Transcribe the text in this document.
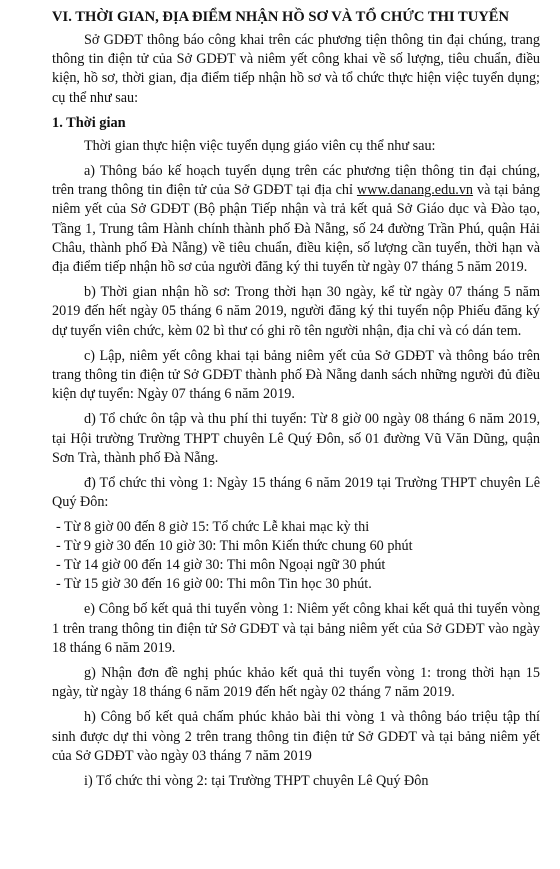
VI. THỜI GIAN, ĐỊA ĐIỂM NHẬN HỒ SƠ VÀ TỔ CHỨC THI TUYỂN

Sở GDĐT thông báo công khai trên các phương tiện thông tin đại chúng, trang thông tin điện tử của Sở GDĐT và niêm yết công khai về số lượng, tiêu chuẩn, điều kiện, hồ sơ, thời gian, địa điểm tiếp nhận hồ sơ và tổ chức thực hiện việc tuyển dụng; cụ thể như sau:

1. Thời gian

Thời gian thực hiện việc tuyển dụng giáo viên cụ thể như sau:

a) Thông báo kế hoạch tuyển dụng trên các phương tiện thông tin đại chúng, trên trang thông tin điện tử của Sở GDĐT tại địa chỉ www.danang.edu.vn và tại bảng niêm yết của Sở GDĐT (Bộ phận Tiếp nhận và trả kết quả Sở Giáo dục và Đào tạo, Tầng 1, Trung tâm Hành chính thành phố Đà Nẵng, số 24 đường Trần Phú, quận Hải Châu, thành phố Đà Nẵng) về tiêu chuẩn, điều kiện, số lượng cần tuyển, thời hạn và địa điểm tiếp nhận hồ sơ của người đăng ký thi tuyển từ ngày 07 tháng 5 năm 2019.

b) Thời gian nhận hồ sơ: Trong thời hạn 30 ngày, kể từ ngày 07 tháng 5 năm 2019 đến hết ngày 05 tháng 6 năm 2019, người đăng ký thi tuyển nộp Phiếu đăng ký dự tuyển viên chức, kèm 02 bì thư có ghi rõ tên người nhận, địa chỉ và có dán tem.

c) Lập, niêm yết công khai tại bảng niêm yết của Sở GDĐT và thông báo trên trang thông tin điện tử Sở GDĐT thành phố Đà Nẵng danh sách những người đủ điều kiện dự tuyển: Ngày 07 tháng 6 năm 2019.

d) Tổ chức ôn tập và thu phí thi tuyển: Từ 8 giờ 00 ngày 08 tháng 6 năm 2019, tại Hội trường Trường THPT chuyên Lê Quý Đôn, số 01 đường Vũ Văn Dũng, quận Sơn Trà, thành phố Đà Nẵng.

đ) Tổ chức thi vòng 1: Ngày 15 tháng 6 năm 2019 tại Trường THPT chuyên Lê Quý Đôn:

- Từ 8 giờ 00 đến 8 giờ 15: Tổ chức Lễ khai mạc kỳ thi
- Từ 9 giờ 30 đến 10 giờ 30: Thi môn Kiến thức chung 60 phút
- Từ 14 giờ 00 đến 14 giờ 30: Thi môn Ngoại ngữ 30 phút
- Từ 15 giờ 30 đến 16 giờ 00: Thi môn Tin học 30 phút.

e) Công bố kết quả thi tuyển vòng 1: Niêm yết công khai kết quả thi tuyển vòng 1 trên trang thông tin điện tử Sở GDĐT và tại bảng niêm yết của Sở GDĐT vào ngày 18 tháng 6 năm 2019.

g) Nhận đơn đề nghị phúc khảo kết quả thi tuyển vòng 1: trong thời hạn 15 ngày, từ ngày 18 tháng 6 năm 2019 đến hết ngày 02 tháng 7 năm 2019.

h) Công bố kết quả chấm phúc khảo bài thi vòng 1 và thông báo triệu tập thí sinh được dự thi vòng 2 trên trang thông tin điện tử Sở GDĐT và tại bảng niêm yết của Sở GDĐT vào ngày 03 tháng 7 năm 2019

i) Tổ chức thi vòng 2: tại Trường THPT chuyên Lê Quý Đôn
